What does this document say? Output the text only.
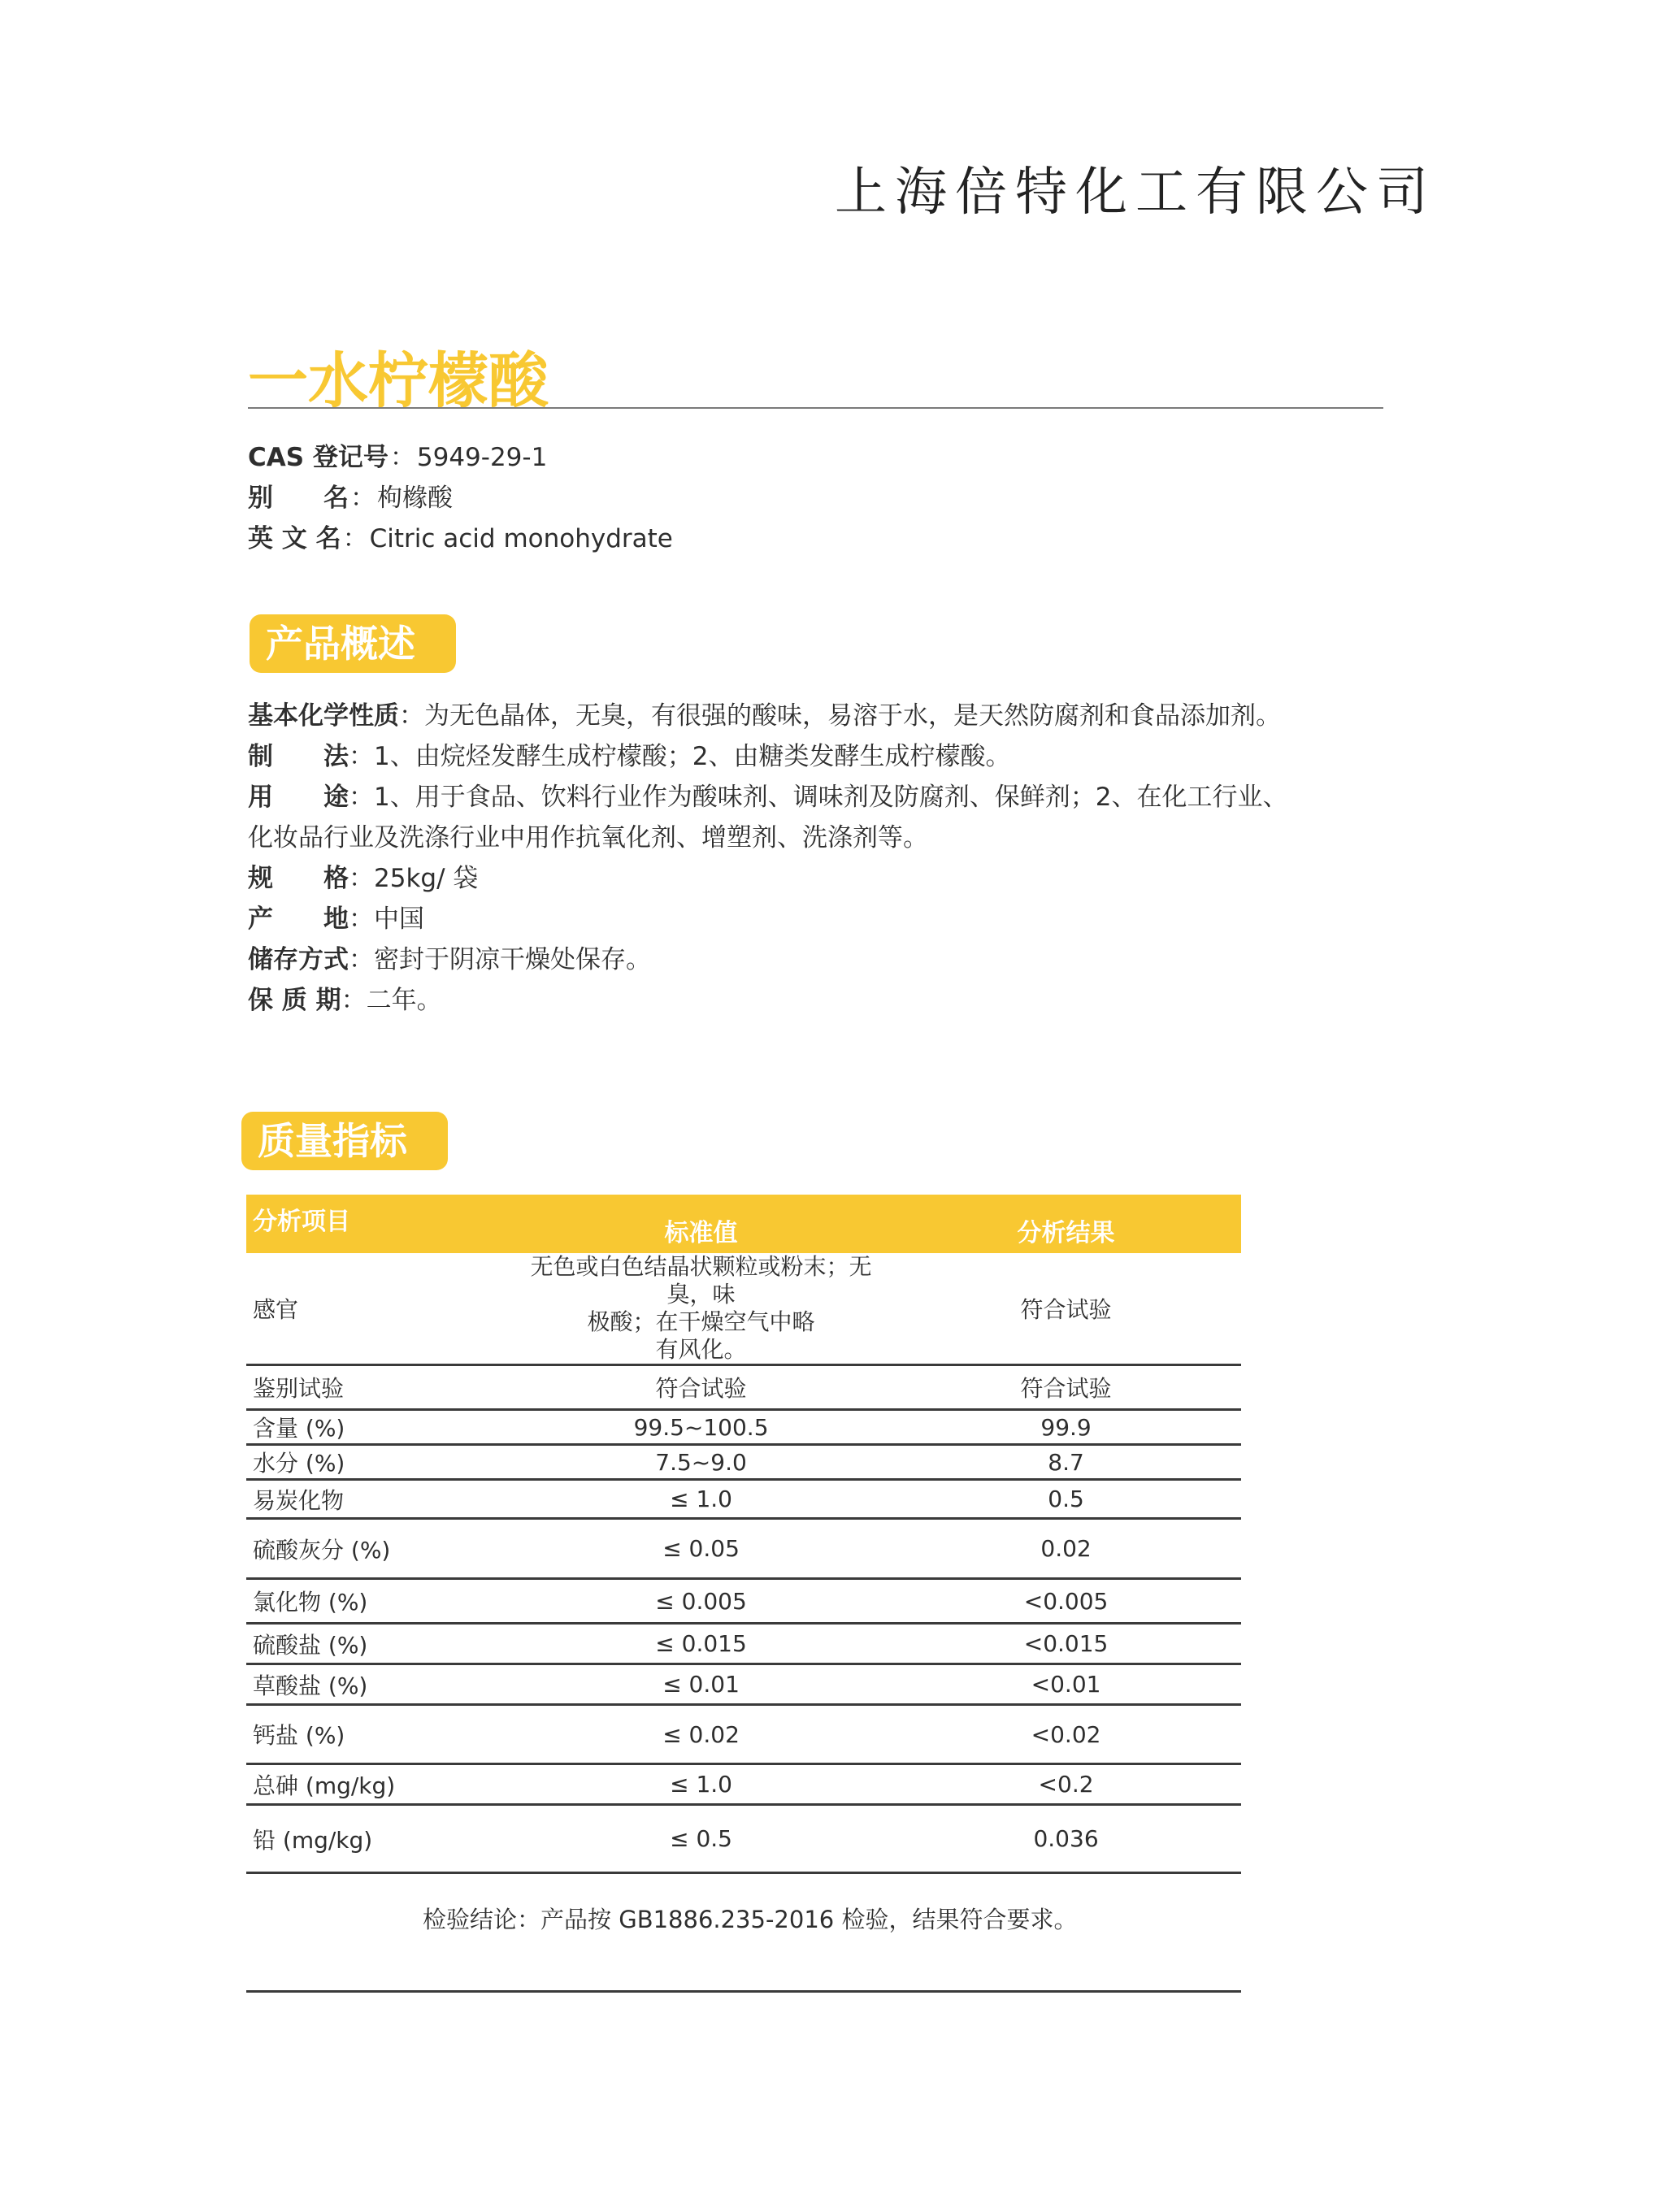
上海倍特化工有限公司
一水柠檬酸
CAS 登记号：5949-29-1
别　　名：枸橼酸
英 文 名：Citric acid monohydrate
产品概述
基本化学性质：为无色晶体，无臭，有很强的酸味，易溶于水，是天然防腐剂和食品添加剂。
制　　法：1、由烷烃发酵生成柠檬酸；2、由糖类发酵生成柠檬酸。
用　　途：1、用于食品、饮料行业作为酸味剂、调味剂及防腐剂、保鲜剂；2、在化工行业、
化妆品行业及洗涤行业中用作抗氧化剂、增塑剂、洗涤剂等。
规　　格：25kg/ 袋
产　　地：中国
储存方式：密封于阴凉干燥处保存。
保 质 期：二年。
质量指标
分析项目	标准值	分析结果
感官	无色或白色结晶状颗粒或粉末；无臭，味
极酸；在干燥空气中略
有风化。	符合试验
鉴别试验	符合试验	符合试验
含量 (%)	99.5~100.5	99.9
水分 (%)	7.5~9.0	8.7
易炭化物	≤ 1.0	0.5
硫酸灰分 (%)	≤ 0.05	0.02
氯化物 (%)	≤ 0.005	<0.005
硫酸盐 (%)	≤ 0.015	<0.015
草酸盐 (%)	≤ 0.01	<0.01
钙盐 (%)	≤ 0.02	<0.02
总砷 (mg/kg)	≤ 1.0	<0.2
铅 (mg/kg)	≤ 0.5	0.036
检验结论：产品按 GB1886.235-2016 检验，结果符合要求。
